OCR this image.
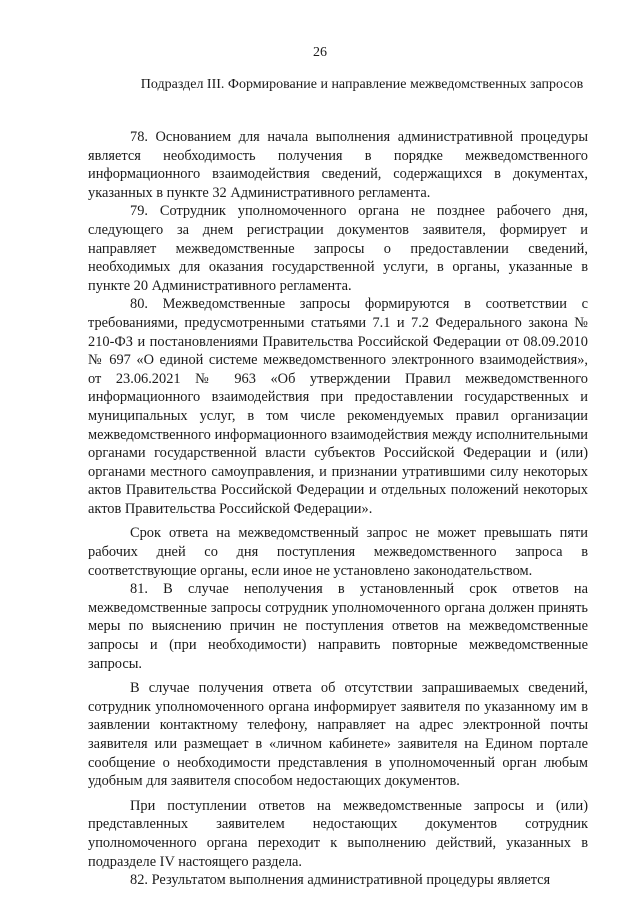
26
Подраздел III. Формирование и направление межведомственных запросов

78. Основанием для начала выполнения административной процедуры является необходимость получения в порядке межведомственного информационного взаимодействия сведений, содержащихся в документах, указанных в пункте 32 Административного регламента.

79. Сотрудник уполномоченного органа не позднее рабочего дня, следующего за днем регистрации документов заявителя, формирует и направляет межведомственные запросы о предоставлении сведений, необходимых для оказания государственной услуги, в органы, указанные в пункте 20 Административного регламента.

80. Межведомственные запросы формируются в соответствии с требованиями, предусмотренными статьями 7.1 и 7.2 Федерального закона № 210-ФЗ и постановлениями Правительства Российской Федерации от 08.09.2010 № 697 «О единой системе межведомственного электронного взаимодействия», от 23.06.2021 № 963 «Об утверждении Правил межведомственного информационного взаимодействия при предоставлении государственных и муниципальных услуг, в том числе рекомендуемых правил организации межведомственного информационного взаимодействия между исполнительными органами государственной власти субъектов Российской Федерации и (или) органами местного самоуправления, и признании утратившими силу некоторых актов Правительства Российской Федерации и отдельных положений некоторых актов Правительства Российской Федерации».

Срок ответа на межведомственный запрос не может превышать пяти рабочих дней со дня поступления межведомственного запроса в соответствующие органы, если иное не установлено законодательством.

81. В случае неполучения в установленный срок ответов на межведомственные запросы сотрудник уполномоченного органа должен принять меры по выяснению причин не поступления ответов на межведомственные запросы и (при необходимости) направить повторные межведомственные запросы.

В случае получения ответа об отсутствии запрашиваемых сведений, сотрудник уполномоченного органа информирует заявителя по указанному им в заявлении контактному телефону, направляет на адрес электронной почты заявителя или размещает в «личном кабинете» заявителя на Едином портале сообщение о необходимости представления в уполномоченный орган любым удобным для заявителя способом недостающих документов.

При поступлении ответов на межведомственные запросы и (или) представленных заявителем недостающих документов сотрудник уполномоченного органа переходит к выполнению действий, указанных в подразделе IV настоящего раздела.

82. Результатом выполнения административной процедуры является
